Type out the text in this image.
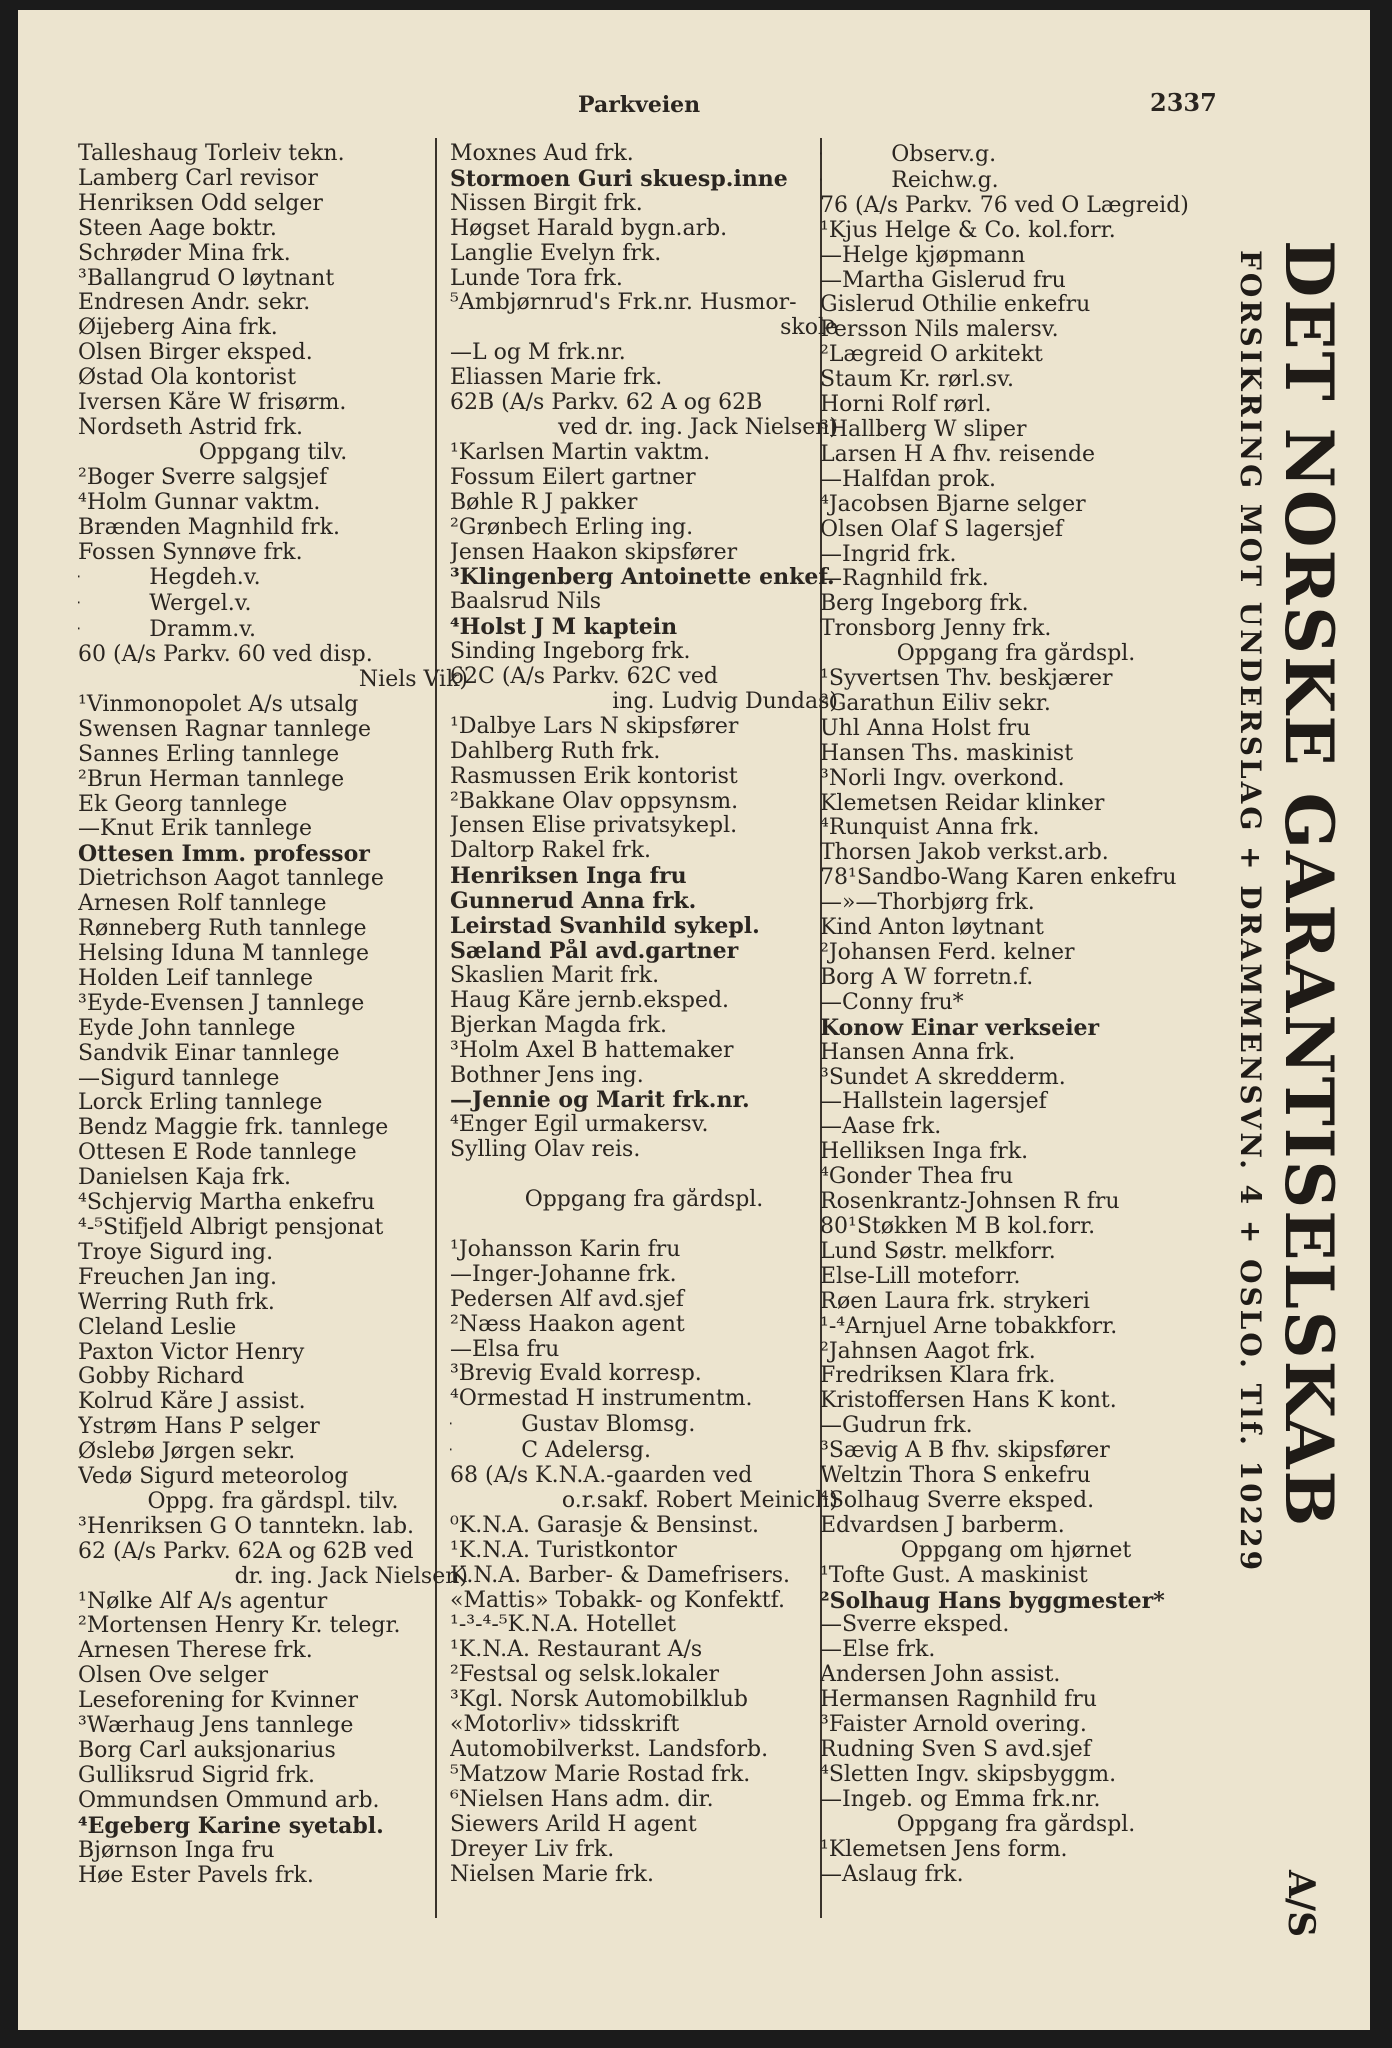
Parkveien	2337
Talleshaug Torleiv tekn.
Lamberg Carl revisor
Henriksen Odd selger
Steen Aage boktr.
Schrøder Mina frk.
³Ballangrud O løytnant
Endresen Andr. sekr.
Øijeberg Aina frk.
Olsen Birger eksped.
Østad Ola kontorist
Iversen Kåre W frisørm.
Nordseth Astrid frk.
Oppgang tilv.
²Boger Sverre salgsjef
⁴Holm Gunnar vaktm.
Brænden Magnhild frk.
Fossen Synnøve frk.
┼ Hegdeh.v.
┼ Wergel.v.
┼ Dramm.v.
60 (A/s Parkv. 60 ved disp.
Niels Vik)
¹Vinmonopolet A/s utsalg
Swensen Ragnar tannlege
Sannes Erling tannlege
²Brun Herman tannlege
Ek Georg tannlege
—Knut Erik tannlege
Ottesen Imm. professor
Dietrichson Aagot tannlege
Arnesen Rolf tannlege
Rønneberg Ruth tannlege
Helsing Iduna M tannlege
Holden Leif tannlege
³Eyde-Evensen J tannlege
Eyde John tannlege
Sandvik Einar tannlege
—Sigurd tannlege
Lorck Erling tannlege
Bendz Maggie frk. tannlege
Ottesen E Rode tannlege
Danielsen Kaja frk.
⁴Schjervig Martha enkefru
⁴‑⁵Stifjeld Albrigt pensjonat
Troye Sigurd ing.
Freuchen Jan ing.
Werring Ruth frk.
Cleland Leslie
Paxton Victor Henry
Gobby Richard
Kolrud Kåre J assist.
Ystrøm Hans P selger
Øslebø Jørgen sekr.
Vedø Sigurd meteorolog
Oppg. fra gårdspl. tilv.
³Henriksen G O tanntekn. lab.
62 (A/s Parkv. 62A og 62B ved
dr. ing. Jack Nielsen)
¹Nølke Alf A/s agentur
²Mortensen Henry Kr. telegr.
Arnesen Therese frk.
Olsen Ove selger
Leseforening for Kvinner
³Wærhaug Jens tannlege
Borg Carl auksjonarius
Gulliksrud Sigrid frk.
Ommundsen Ommund arb.
⁴Egeberg Karine syetabl.
Bjørnson Inga fru
Høe Ester Pavels frk.
Moxnes Aud frk.
Stormoen Guri skuesp.inne
Nissen Birgit frk.
Høgset Harald bygn.arb.
Langlie Evelyn frk.
Lunde Tora frk.
⁵Ambjørnrud's Frk.nr. Husmor-
skole
—L og M frk.nr.
Eliassen Marie frk.
62B (A/s Parkv. 62 A og 62B
ved dr. ing. Jack Nielsen)
¹Karlsen Martin vaktm.
Fossum Eilert gartner
Bøhle R J pakker
²Grønbech Erling ing.
Jensen Haakon skipsfører
³Klingenberg Antoinette enkef.
Baalsrud Nils
⁴Holst J M kaptein
Sinding Ingeborg frk.
62C (A/s Parkv. 62C ved
ing. Ludvig Dundas)
¹Dalbye Lars N skipsfører
Dahlberg Ruth frk.
Rasmussen Erik kontorist
²Bakkane Olav oppsynsm.
Jensen Elise privatsykepl.
Daltorp Rakel frk.
Henriksen Inga fru
Gunnerud Anna frk.
Leirstad Svanhild sykepl.
Sæland Pål avd.gartner
Skaslien Marit frk.
Haug Kåre jernb.eksped.
Bjerkan Magda frk.
³Holm Axel B hattemaker
Bothner Jens ing.
—Jennie og Marit frk.nr.
⁴Enger Egil urmakersv.
Sylling Olav reis.

Oppgang fra gårdspl.

¹Johansson Karin fru
—Inger-Johanne frk.
Pedersen Alf avd.sjef
²Næss Haakon agent
—Elsa fru
³Brevig Evald korresp.
⁴Ormestad H instrumentm.
┼ Gustav Blomsg.
┼ C Adelersg.
68 (A/s K.N.A.-gaarden ved
o.r.sakf. Robert Meinich)
⁰K.N.A. Garasje & Bensinst.
¹K.N.A. Turistkontor
K.N.A. Barber- & Damefrisers.
«Mattis» Tobakk- og Konfektf.
¹‑³‑⁴‑⁵K.N.A. Hotellet
¹K.N.A. Restaurant A/s
²Festsal og selsk.lokaler
³Kgl. Norsk Automobilklub
«Motorliv» tidsskrift
Automobilverkst. Landsforb.
⁵Matzow Marie Rostad frk.
⁶Nielsen Hans adm. dir.
Siewers Arild H agent
Dreyer Liv frk.
Nielsen Marie frk.
┼ Observ.g.
┼ Reichw.g.
76 (A/s Parkv. 76 ved O Lægreid)
¹Kjus Helge & Co. kol.forr.
—Helge kjøpmann
—Martha Gislerud fru
Gislerud Othilie enkefru
Persson Nils malersv.
²Lægreid O arkitekt
Staum Kr. rørl.sv.
Horni Rolf rørl.
³Hallberg W sliper
Larsen H A fhv. reisende
—Halfdan prok.
⁴Jacobsen Bjarne selger
Olsen Olaf S lagersjef
—Ingrid frk.
—Ragnhild frk.
Berg Ingeborg frk.
Tronsborg Jenny frk.
Oppgang fra gårdspl.
¹Syvertsen Thv. beskjærer
²Garathun Eiliv sekr.
Uhl Anna Holst fru
Hansen Ths. maskinist
³Norli Ingv. overkond.
Klemetsen Reidar klinker
⁴Runquist Anna frk.
Thorsen Jakob verkst.arb.
78¹Sandbo-Wang Karen enkefru
—»—Thorbjørg frk.
Kind Anton løytnant
²Johansen Ferd. kelner
Borg A W forretn.f.
—Conny fru*
Konow Einar verkseier
Hansen Anna frk.
³Sundet A skredderm.
—Hallstein lagersjef
—Aase frk.
Helliksen Inga frk.
⁴Gonder Thea fru
Rosenkrantz-Johnsen R fru
80¹Støkken M B kol.forr.
Lund Søstr. melkforr.
Else-Lill moteforr.
Røen Laura frk. strykeri
¹‑⁴Arnjuel Arne tobakkforr.
²Jahnsen Aagot frk.
Fredriksen Klara frk.
Kristoffersen Hans K kont.
—Gudrun frk.
³Sævig A B fhv. skipsfører
Weltzin Thora S enkefru
⁴Solhaug Sverre eksped.
Edvardsen J barberm.
Oppgang om hjørnet
¹Tofte Gust. A maskinist
²Solhaug Hans byggmester*
—Sverre eksped.
—Else frk.
Andersen John assist.
Hermansen Ragnhild fru
³Faister Arnold overing.
Rudning Sven S avd.sjef
⁴Sletten Ingv. skipsbyggm.
—Ingeb. og Emma frk.nr.
Oppgang fra gårdspl.
¹Klemetsen Jens form.
—Aslaug frk.
FORSIKRING MOT UNDERSLAG + DRAMMENSVN. 4 + OSLO. Tlf. 10229 DET NORSKE GARANTISELSKAB
A/S
